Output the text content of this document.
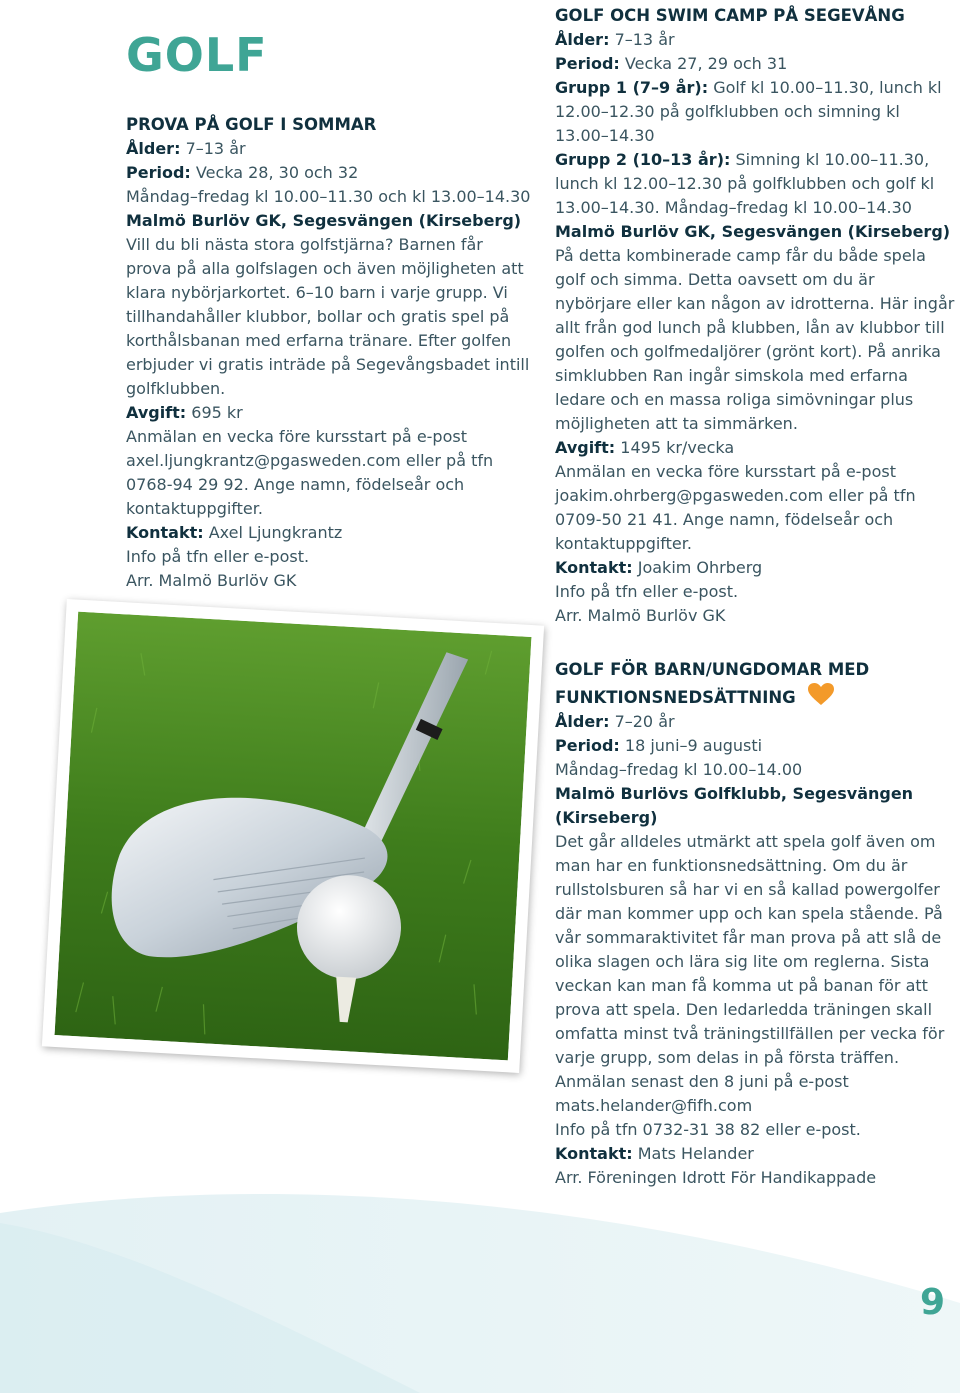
GOLF

PROVA PÅ GOLF I SOMMAR

Ålder: 7–13 år

Period: Vecka 28, 30 och 32

Måndag–fredag kl 10.00–11.30 och kl 13.00–14.30

Malmö Burlöv GK, Segesvängen (Kirseberg)

Vill du bli nästa stora golfstjärna? Barnen får prova på alla golfslagen och även möjligheten att klara nybörjarkortet. 6–10 barn i varje grupp. Vi tillhandahåller klubbor, bollar och gratis spel på korthålsbanan med erfarna tränare. Efter golfen erbjuder vi gratis inträde på Segevångsbadet intill golfklubben.

Avgift: 695 kr

Anmälan en vecka före kursstart på e-post axel.ljungkrantz@pgasweden.com eller på tfn 0768-94 29 92. Ange namn, födelseår och kontaktuppgifter.

Kontakt: Axel Ljungkrantz

Info på tfn eller e-post.

Arr. Malmö Burlöv GK

GOLF OCH SWIM CAMP PÅ SEGEVÅNG

Ålder: 7–13 år

Period: Vecka 27, 29 och 31

Grupp 1 (7–9 år): Golf kl 10.00–11.30, lunch kl 12.00–12.30 på golfklubben och simning kl 13.00–14.30

Grupp 2 (10–13 år): Simning kl 10.00–11.30, lunch kl 12.00–12.30 på golfklubben och golf kl 13.00–14.30. Måndag–fredag kl 10.00–14.30

Malmö Burlöv GK, Segesvängen (Kirseberg)

På detta kombinerade camp får du både spela golf och simma. Detta oavsett om du är nybörjare eller kan någon av idrotterna. Här ingår allt från god lunch på klubben, lån av klubbor till golfen och golfmedaljörer (grönt kort). På anrika simklubben Ran ingår simskola med erfarna ledare och en massa roliga simövningar plus möjligheten att ta simmärken.

Avgift: 1495 kr/vecka

Anmälan en vecka före kursstart på e-post joakim.ohrberg@pgasweden.com eller på tfn 0709-50 21 41. Ange namn, födelseår och kontaktuppgifter.

Kontakt: Joakim Ohrberg

Info på tfn eller e-post.

Arr. Malmö Burlöv GK

GOLF FÖR BARN/UNGDOMAR MED FUNKTIONSNEDSÄTTNING

Ålder: 7–20 år

Period: 18 juni–9 augusti

Måndag–fredag kl 10.00–14.00

Malmö Burlövs Golfklubb, Segesvängen (Kirseberg)

Det går alldeles utmärkt att spela golf även om man har en funktionsnedsättning. Om du är rullstolsburen så har vi en så kallad powergolfer där man kommer upp och kan spela stående. På vår sommaraktivitet får man prova på att slå de olika slagen och lära sig lite om reglerna. Sista veckan kan man få komma ut på banan för att prova att spela. Den ledarledda träningen skall omfatta minst två träningstillfällen per vecka för varje grupp, som delas in på första träffen.

Anmälan senast den 8 juni på e-post mats.helander@fifh.com

Info på tfn 0732-31 38 82 eller e-post.

Kontakt: Mats Helander

Arr. Föreningen Idrott För Handikappade

9
